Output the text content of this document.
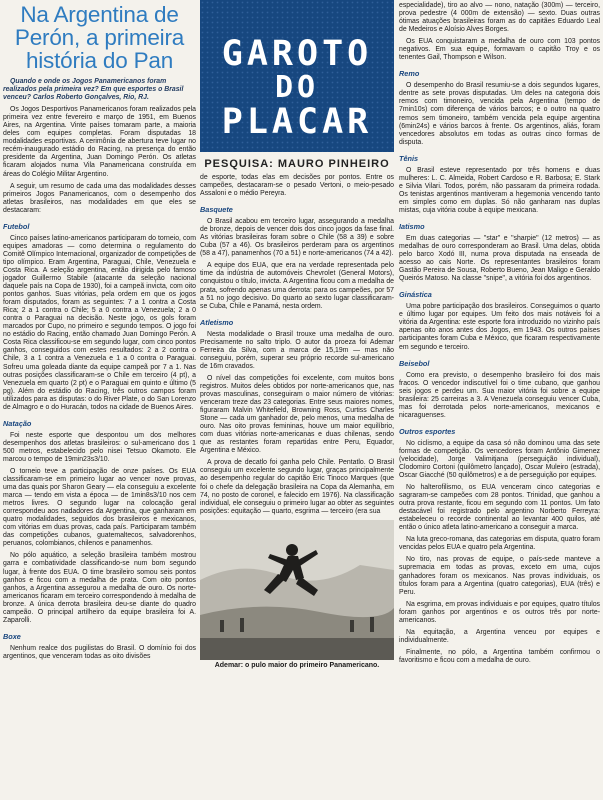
Na Argentina de Perón, a primeira história do Pan

Quando e onde os Jogos Panamericanos foram realizados pela primeira vez? Em que esportes o Brasil venceu? Carlos Roberto Gonçalves, Rio, RJ.

Os Jogos Desportivos Panamericanos foram realizados pela primeira vez entre fevereiro e março de 1951, em Buenos Aires, na Argentina. Vinte países tomaram parte, a maioria deles com equipes completas. Foram disputadas 18 modalidades esportivas. A cerimônia de abertura teve lugar no recém-inaugurado estádio do Racing, na presença do então presidente da Argentina, Juan Domingo Perón. Os atletas ficaram alojados numa Vila Panamericana construída em áreas do Colégio Militar Argentino.

A seguir, um resumo de cada uma das modalidades desses primeiros Jogos Panamericanos, com o desempenho dos atletas brasileiros, nas modalidades em que eles se destacaram:

Futebol

Cinco países latino-americanos participaram do torneio, com equipes amadoras — como determina o regulamento do Comitê Olímpico Internacional, organizador de competições de tipo olímpico. Eram Argentina, Paraguai, Chile, Venezuela e Costa Rica. A seleção argentina, então dirigida pelo famoso jogador Guillermo Stabile (atacante da seleção nacional daquele país na Copa de 1930), foi a campeã invicta, com oito pontos ganhos. Suas vitórias, pela ordem em que os jogos foram disputados, foram as seguintes: 7 a 1 contra a Costa Rica; 2 a 1 contra o Chile; 5 a 0 contra a Venezuela; 2 a 0 contra o Paraguai na decisão. Neste jogo, os gols foram marcados por Cupo, no primeiro e segundo tempos. O jogo foi no estádio do Racing, então chamado Juan Domingo Perón. A Costa Rica classificou-se em segundo lugar, com cinco pontos ganhos, conseguidos com estes resultados: 2 a 2 contra o Chile, 3 a 1 contra a Venezuela e 1 a 0 contra o Paraguai. Sofreu uma goleada diante da equipe campeã por 7 a 1. Nas outras posições classificaram-se o Chile em terceiro (4 pt), a Venezuela em quarto (2 pt) e o Paraguai em quinto e último (5 pg). Além do estádio do Racing, três outros campos foram utilizados para as disputas: o do River Plate, o do San Lorenzo de Almagro e o do Huracán, todos na cidade de Buenos Aires.

Natação

Foi neste esporte que despontou um dos melhores desempenhos dos atletas brasileiros: o sul-americano dos 1 500 metros, estabelecido pelo nisei Tetsuo Okamoto. Ele marcou o tempo de 19min23s3/10.

O torneio teve a participação de onze países. Os EUA classificaram-se em primeiro lugar ao vencer nove provas, uma das quais por Sharon Geary — ela conseguiu a excelente marca — tendo em vista a época — de 1min8s3/10 nos cem metros livres. O segundo lugar na colocação geral correspondeu aos nadadores da Argentina, que ganharam em quatro modalidades, seguidos dos brasileiros e mexicanos, com vitórias em duas provas, cada país. Participaram também das competições cubanos, guatemaltecos, salvadorenhos, peruanos, colombianos, chilenos e panamenhos.

No pólo aquático, a seleção brasileira também mostrou garra e combatividade classificando-se num bom segundo lugar, à frente dos EUA. O time brasileiro somou seis pontos ganhos e ficou com a medalha de prata. Com oito pontos ganhos, a Argentina assegurou a medalha de ouro. Os norte-americanos ficaram em terceiro correspondendo à medalha de bronze. A única derrota brasileira deu-se diante do quadro campeão. O principal artilheiro da equipe brasileira foi A. Zaparolli.

Boxe

Nenhum realce dos pugilistas do Brasil. O domínio foi dos argentinos, que venceram todas as oito divisões

GAROTO
DO
PLACAR
PESQUISA: MAURO PINHEIRO

de esporte, todas elas em decisões por pontos. Entre os campeões, destacaram-se o pesado Vertoni, o meio-pesado Assaloni e o médio Pereyra.

Basquete

O Brasil acabou em terceiro lugar, assegurando a medalha de bronze, depois de vencer dois dos cinco jogos da fase final. As vitórias brasileiras foram sobre o Chile (58 a 39) e sobre Cuba (57 a 46). Os brasileiros perderam para os argentinos (58 a 47), panamenhos (70 a 51) e norte-americanos (74 a 42).

A equipe dos EUA, que era na verdade representada pelo time da indústria de automóveis Chevrolet (General Motors), conquistou o título, invicta. A Argentina ficou com a medalha de prata, sofrendo apenas uma derrota: para os campeões, por 57 a 51 no jogo decisivo. Do quarto ao sexto lugar classificaram-se Cuba, Chile e Panamá, nesta ordem.

Atletismo

Nesta modalidade o Brasil trouxe uma medalha de ouro. Precisamente no salto triplo. O autor da proeza foi Ademar Ferreira da Silva, com a marca de 15,19m — mas não conseguiu, porém, superar seu próprio recorde sul-americano de 16m cravados.

O nível das competições foi excelente, com muitos bons registros. Muitos deles obtidos por norte-americanos que, nas provas masculinas, conseguiram o maior número de vitórias: venceram treze das 23 categorias. Entre seus maiores nomes, figuraram Malvin Whitefield, Browning Ross, Curtiss Charles Stone — cada um ganhador de, pelo menos, uma medalha de ouro. Nas oito provas femininas, houve um maior equilíbrio, com duas vitórias norte-americanas e duas chilenas, sendo que as restantes foram repartidas entre Peru, Equador, Argentina e México.

A prova de decatlo foi ganha pelo Chile. Pentatlo. O Brasil conseguiu um excelente segundo lugar, graças principalmente ao desempenho regular do capitão Eric Tinoco Marques (que foi o chefe da delegação brasileira na Copa da Alemanha, em 74, no posto de coronel, e falecido em 1976). Na classificação individual, ele conseguiu o primeiro lugar ao obter as seguintes posições: equitação — quarto, esgrima — terceiro (era sua

Ademar: o pulo maior do primeiro Panamericano.

especialidade), tiro ao alvo — nono, natação (300m) — terceiro, prova pedestre (4 000m de extensão) — sexto. Duas outras ótimas atuações brasileiras foram as do capitães Eduardo Leal de Medeiros e Aloísio Alves Borges.

Os EUA conquistaram a medalha de ouro com 103 pontos negativos. Em sua equipe, formavam o capitão Troy e os tenentes Gail, Thompson e Wilson.

Remo

O desempenho do Brasil resumiu-se a dois segundos lugares, dentre as sete provas disputadas. Um deles na categoria dois remos com timoneiro, vencida pela Argentina (tempo de 7min10s) com diferença de vários barcos; e o outro na quatro remos sem timoneiro, também vencida pela equipe argentina (6min24s) e vários barcos à frente. Os argentinos, aliás, foram vencedores absolutos em todas as outras cinco formas de disputa.

Tênis

O Brasil esteve representado por três homens e duas mulheres: L. C. Almeida, Robert Cardoso e R. Barbosa; E. Stark e Silvia Vilari. Todos, porém, não passaram da primeira rodada. Os tenistas argentinos mantiveram a hegemonia vencendo tanto em simples como em duplas. Só não ganharam nas duplas mistas, cuja vitória coube à equipe mexicana.

Iatismo

Em duas categorias — "star" e "sharpie" (12 metros) — as medalhas de ouro corresponderam ao Brasil. Uma delas, obtida pelo barco Xodó III, numa prova disputada na enseada de acesso ao cais Norte. Os representantes brasileiros foram Gastão Pereira de Sousa, Roberto Bueno, Jean Maligo e Geraldo Queirós Matoso. Na classe "snipe", a vitória foi dos argentinos.

Ginástica

Uma pobre participação dos brasileiros. Conseguimos o quarto e último lugar por equipes. Um feito dos mais notáveis foi a vitória da Argentina: este esporte fora introduzido no vizinho país apenas oito anos antes dos Jogos, em 1943. Os outros países participantes foram Cuba e México, que ficaram respectivamente em segundo e terceiro.

Beisebol

Como era previsto, o desempenho brasileiro foi dos mais fracos. O vencedor indiscutível foi o time cubano, que ganhou seis jogos e perdeu um. Sua maior vitória foi sobre a equipe brasileira: 25 carreiras a 3. A Venezuela conseguiu vencer Cuba, mas foi derrotada pelos norte-americanos, mexicanos e nicaraguenses.

Outros esportes

No ciclismo, a equipe da casa só não dominou uma das sete formas de competição. Os vencedores foram Antônio Gimenez (velocidade), Jorge Valimitjana (perseguição individual), Clodomiro Cortoni (quilômetro lançado), Oscar Muleiro (estrada), Oscar Giacché (50 quilômetros) e a de perseguição por equipes.

No halterofilismo, os EUA venceram cinco categorias e sagraram-se campeões com 28 pontos. Trinidad, que ganhou a outra prova restante, ficou em segundo com 11 pontos. Um fato destacável foi registrado pelo argentino Norberto Ferreyra: estabeleceu o recorde continental ao levantar 400 quilos, até então o único atleta latino-americano a conseguir a marca.

Na luta greco-romana, das categorias em disputa, quatro foram vencidas pelos EUA e quatro pela Argentina.

No tiro, nas provas de equipe, o país-sede manteve a supremacia em todas as provas, exceto em uma, cujos ganhadores foram os mexicanos. Nas provas individuais, os títulos foram para a Argentina (quatro categorias), EUA (três) e Peru.

Na esgrima, em provas individuais e por equipes, quatro títulos foram ganhos por argentinos e os outros três por norte-americanos.

Na equitação, a Argentina venceu por equipes e individualmente.

Finalmente, no pólo, a Argentina também confirmou o favoritismo e ficou com a medalha de ouro.
